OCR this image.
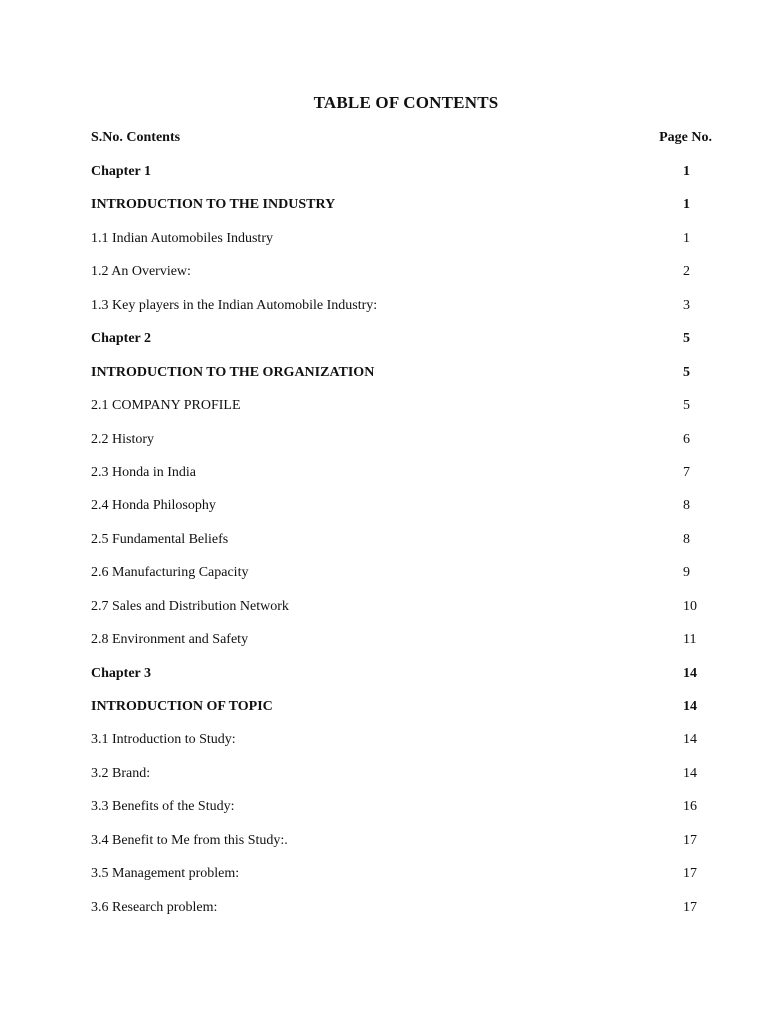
TABLE OF CONTENTS
S.No. Contents	Page No.
Chapter 1	1
INTRODUCTION TO THE INDUSTRY	1
1.1 Indian Automobiles Industry	1
1.2 An Overview:	2
1.3 Key players in the Indian Automobile Industry:	3
Chapter 2	5
INTRODUCTION TO THE ORGANIZATION	5
2.1 COMPANY PROFILE	5
2.2 History	6
2.3 Honda in India	7
2.4 Honda Philosophy	8
2.5 Fundamental Beliefs	8
2.6 Manufacturing Capacity	9
2.7 Sales and Distribution Network	10
2.8 Environment and Safety	11
Chapter 3	14
INTRODUCTION OF TOPIC	14
3.1 Introduction to Study:	14
3.2 Brand:	14
3.3 Benefits of the Study:	16
3.4 Benefit to Me from this Study:.	17
3.5 Management problem:	17
3.6 Research problem:	17
